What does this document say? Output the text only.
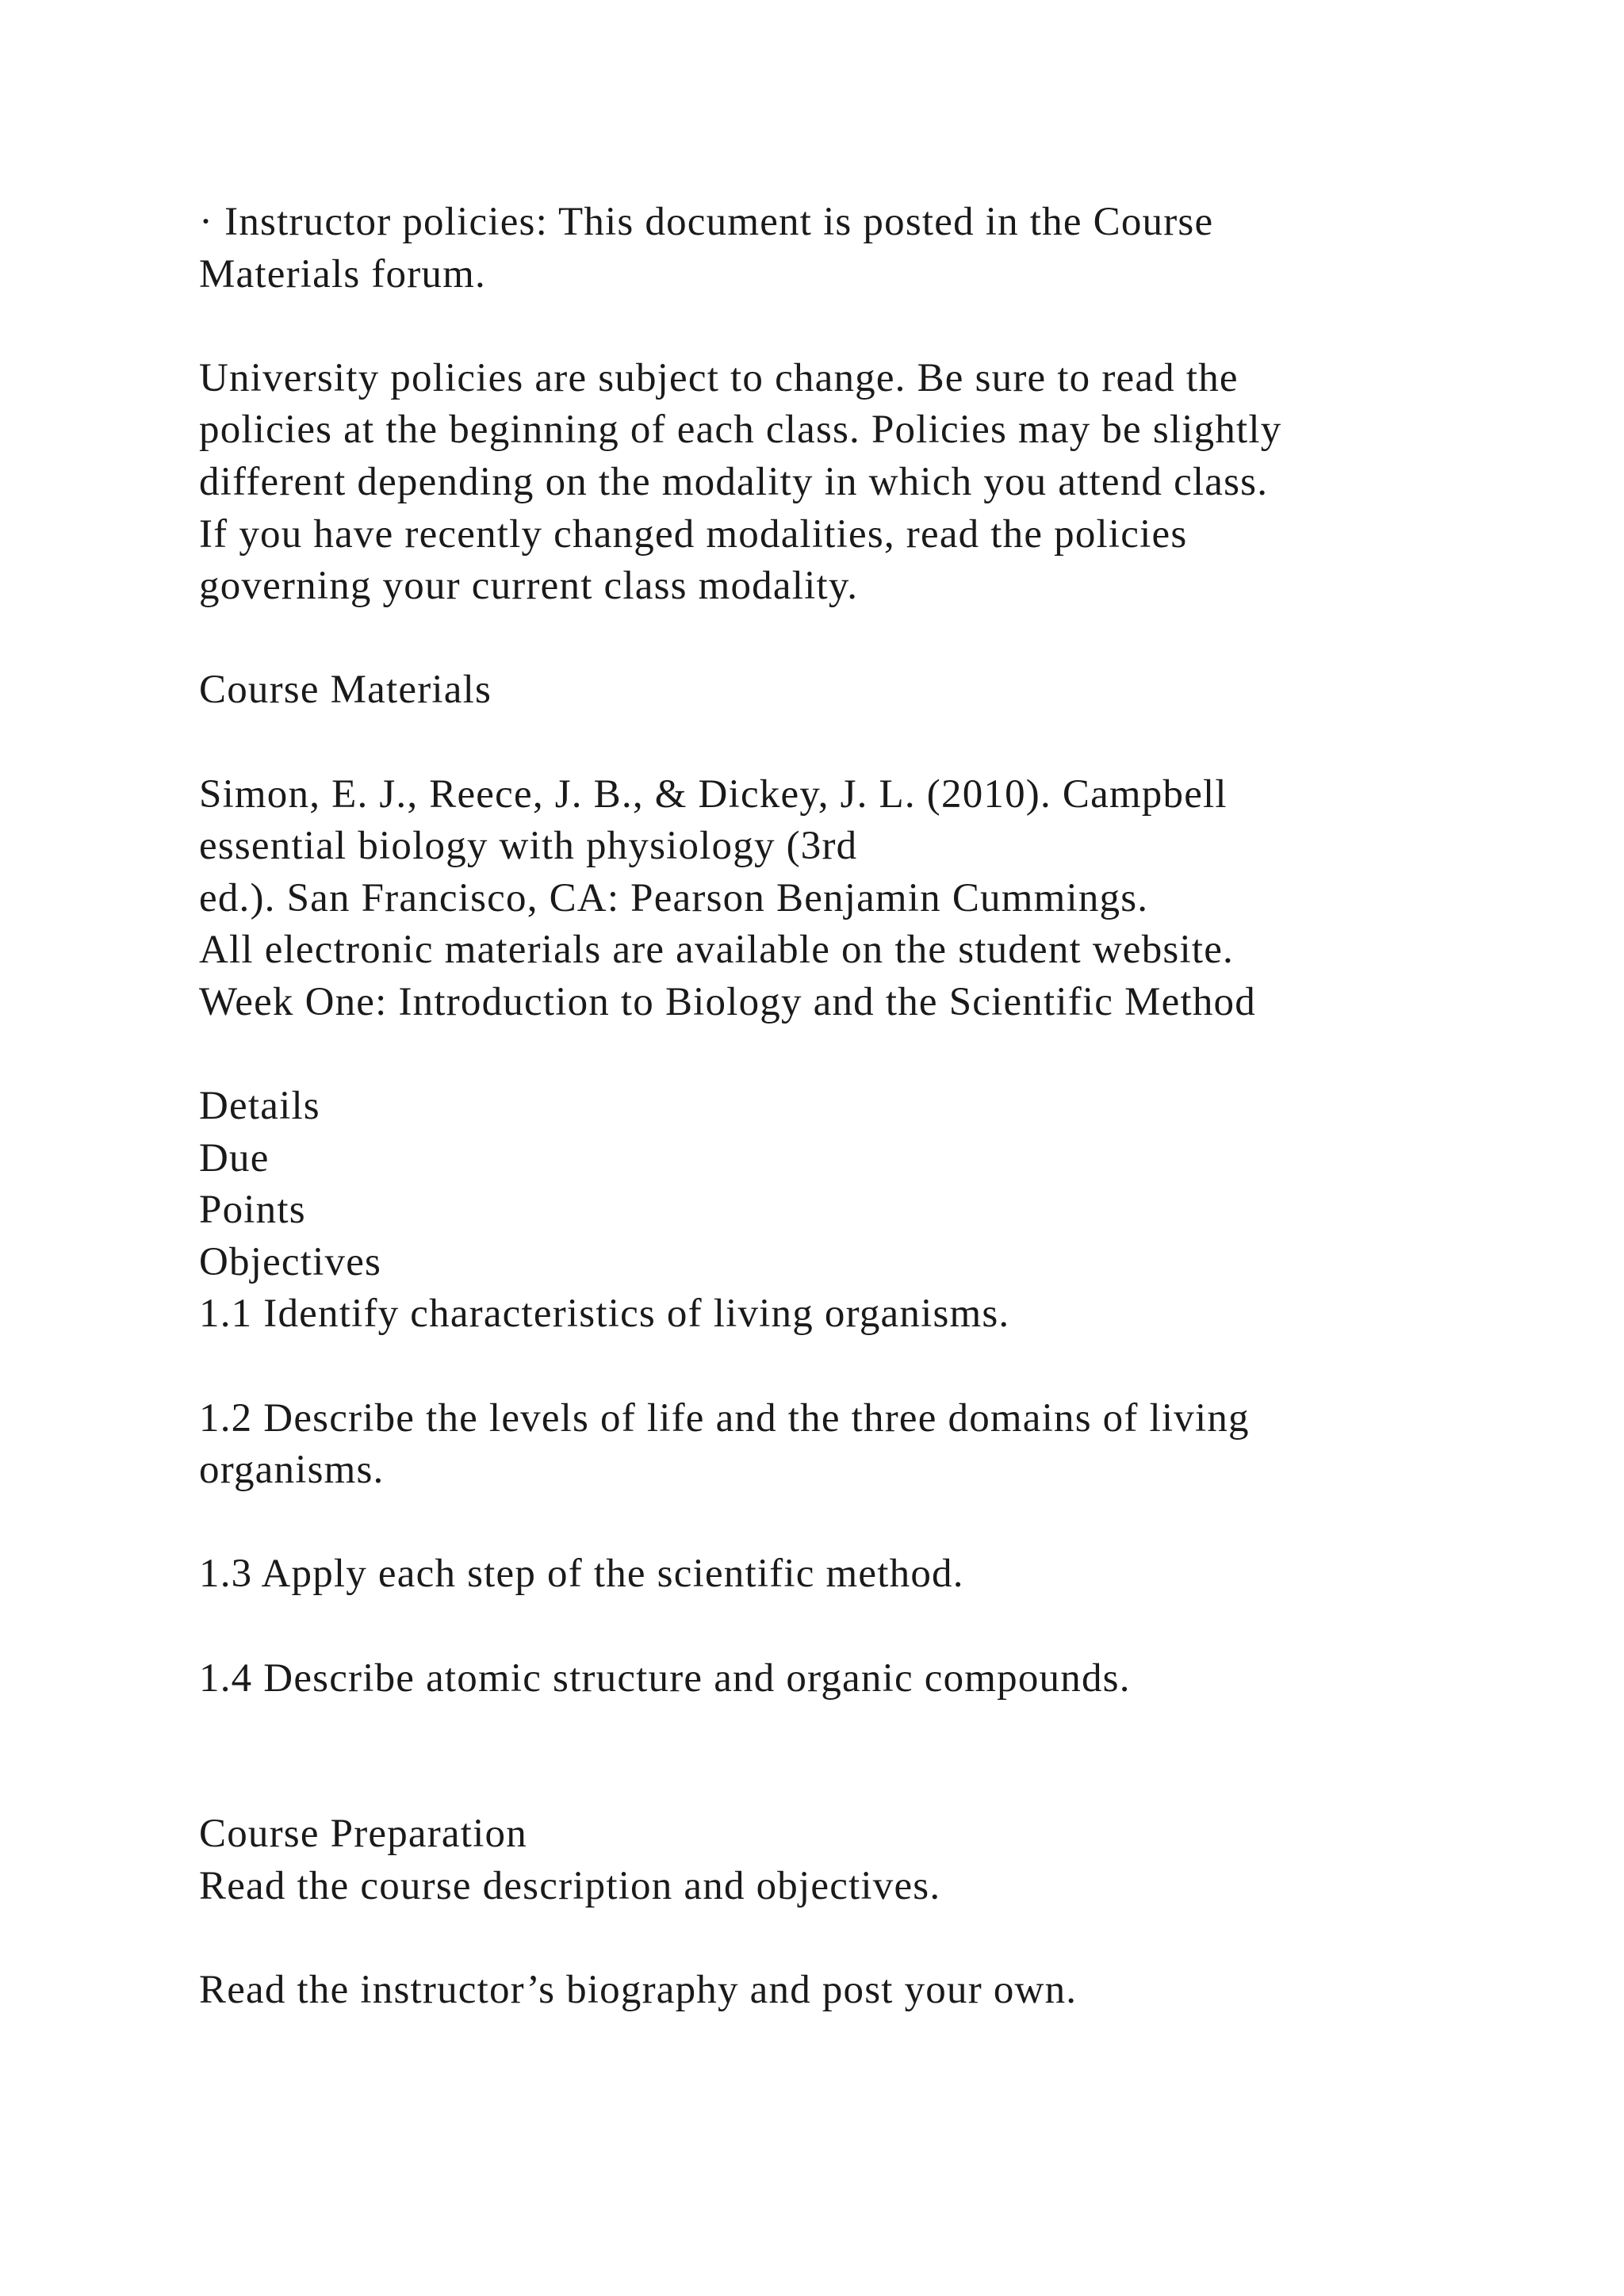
· Instructor policies: This document is posted in the Course
Materials forum.
University policies are subject to change. Be sure to read the
policies at the beginning of each class. Policies may be slightly
different depending on the modality in which you attend class.
If you have recently changed modalities, read the policies
governing your current class modality.
Course Materials
Simon, E. J., Reece, J. B., & Dickey, J. L. (2010). Campbell
essential biology with physiology (3rd
ed.). San Francisco, CA: Pearson Benjamin Cummings.
All electronic materials are available on the student website.
Week One: Introduction to Biology and the Scientific Method
Details
Due
Points
Objectives
1.1 Identify characteristics of living organisms.
1.2 Describe the levels of life and the three domains of living
organisms.
1.3 Apply each step of the scientific method.
1.4 Describe atomic structure and organic compounds.
Course Preparation
Read the course description and objectives.
Read the instructor’s biography and post your own.
